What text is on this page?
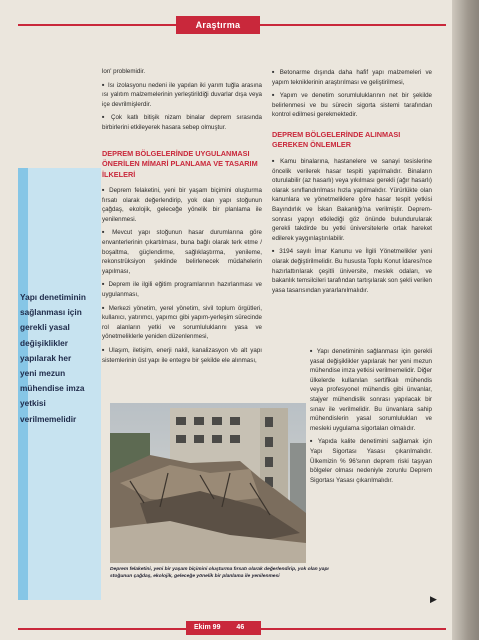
Araştırma
Yapı denetiminin sağlanması için gerekli yasal değişiklikler yapılarak her yeni mezun mühendise imza yetkisi verilmemelidir

lon' problemidir.

■ Isı izolasyonu nedeni ile yapılan iki yarım tuğla arasına ısı yalıtım malzemelerinin yerleştirildiği duvarlar dışa veya içe devrilmişlerdir.

■ Çok katlı bitişik nizam binalar deprem sırasında birbirlerini etkileyerek hasara sebep olmuştur.

DEPREM BÖLGELERİNDE UYGULANMASI ÖNERİLEN MİMARİ PLANLAMA VE TASARIM İLKELERİ

■ Deprem felaketini, yeni bir yaşam biçimini oluşturma fırsatı olarak değerlendirip, yok olan yapı stoğunun çağdaş, ekolojik, geleceğe yönelik bir planlama ile yenilenmesi.

■ Mevcut yapı stoğunun hasar durumlarına göre envanterlerinin çıkartılması, buna bağlı olarak terk etme / boşaltma, güçlendirme, sağlıklaştırma, yenileme, rekonstrüksiyon şeklinde belirlenecek müdahelerin yapılması,

■ Deprem ile ilgili eğitim programlarının hazırlanması ve uygulanması,

■ Merkezi yönetim, yerel yönetim, sivil toplum örgütleri, kullanıcı, yatırımcı, yapımcı gibi yapım-yerleşim sürecinde rol alanların yetki ve sorumluluklarını yasa ve yönetmeliklerle yeniden düzenlenmesi,

■ Ulaşım, iletişim, enerji nakil, kanalizasyon vb alt yapı sistemlerinin üst yapı ile entegre bir şekilde ele alınması,

■ Betonarme dışında daha hafif yapı malzemeleri ve yapım tekniklerinin araştırılması ve geliştirilmesi,

■ Yapım ve denetim sorumluluklarının net bir şekilde belirlenmesi ve bu sürecin sigorta sistemi tarafından kontrol edilmesi gerekmektedir.

DEPREM BÖLGELERİNDE ALINMASI GEREKEN ÖNLEMLER

■ Kamu binalarına, hastanelere ve sanayi tesislerine öncelik verilerek hasar tespiti yapılmalıdır. Binaların oturulabilir (az hasarlı) veya yıkılması gerekli (ağır hasarlı) olarak sınıflandırılması hızla yapılmalıdır. Yürürlükte olan kanunlara ve yönetmeliklere göre hasar tespit yetkisi Bayındırlık ve İskan Bakanlığı'na verilmiştir. Deprem-sonrası yapıyı etkilediği göz önünde bulundurularak gerekli takdirde bu yetki üniversitelerle ortak hareket edilerek yaygınlaştırılabilir.

■ 3194 sayılı İmar Kanunu ve İlgili Yönetmelikler yeni olarak değiştirilmelidir. Bu hususta Toplu Konut İdaresi'nce hazırlattırılarak çeşitli üniversite, meslek odaları, ve bakanlık temsilcileri tarafından tartışılarak son şekli verilen yasa tasarısından yararlanılmalıdır.

■ Yapı denetiminin sağlanması için gerekli yasal değişiklikler yapılarak her yeni mezun mühendise imza yetkisi verilmemelidir. Diğer ülkelerde kullanılan sertifikalı mühendis veya profesyonel mühendis gibi ünvanlar, stajyer mühendislik sonrası yapılacak bir sınav ile verilmelidir. Bu ünvanlara sahip mühendislerin yasal sorumlulukları ve mesleki uygulama sigortaları olmalıdır.

■ Yapıda kalite denetimini sağlamak için Yapı Sigortası Yasası çıkarılmalıdır. Ülkemizin % 96'sının deprem riski taşıyan bölgeler olması nedeniyle zorunlu Deprem Sigortası Yasası çıkarılmalıdır.

Deprem felaketini, yeni bir yaşam biçimini oluşturma fırsatı olarak değerlendirip, yok olan yapı stoğunun çağdaş, ekolojik, geleceğe yönelik bir planlama ile yenilenmesi
▶
Ekim 99 46
